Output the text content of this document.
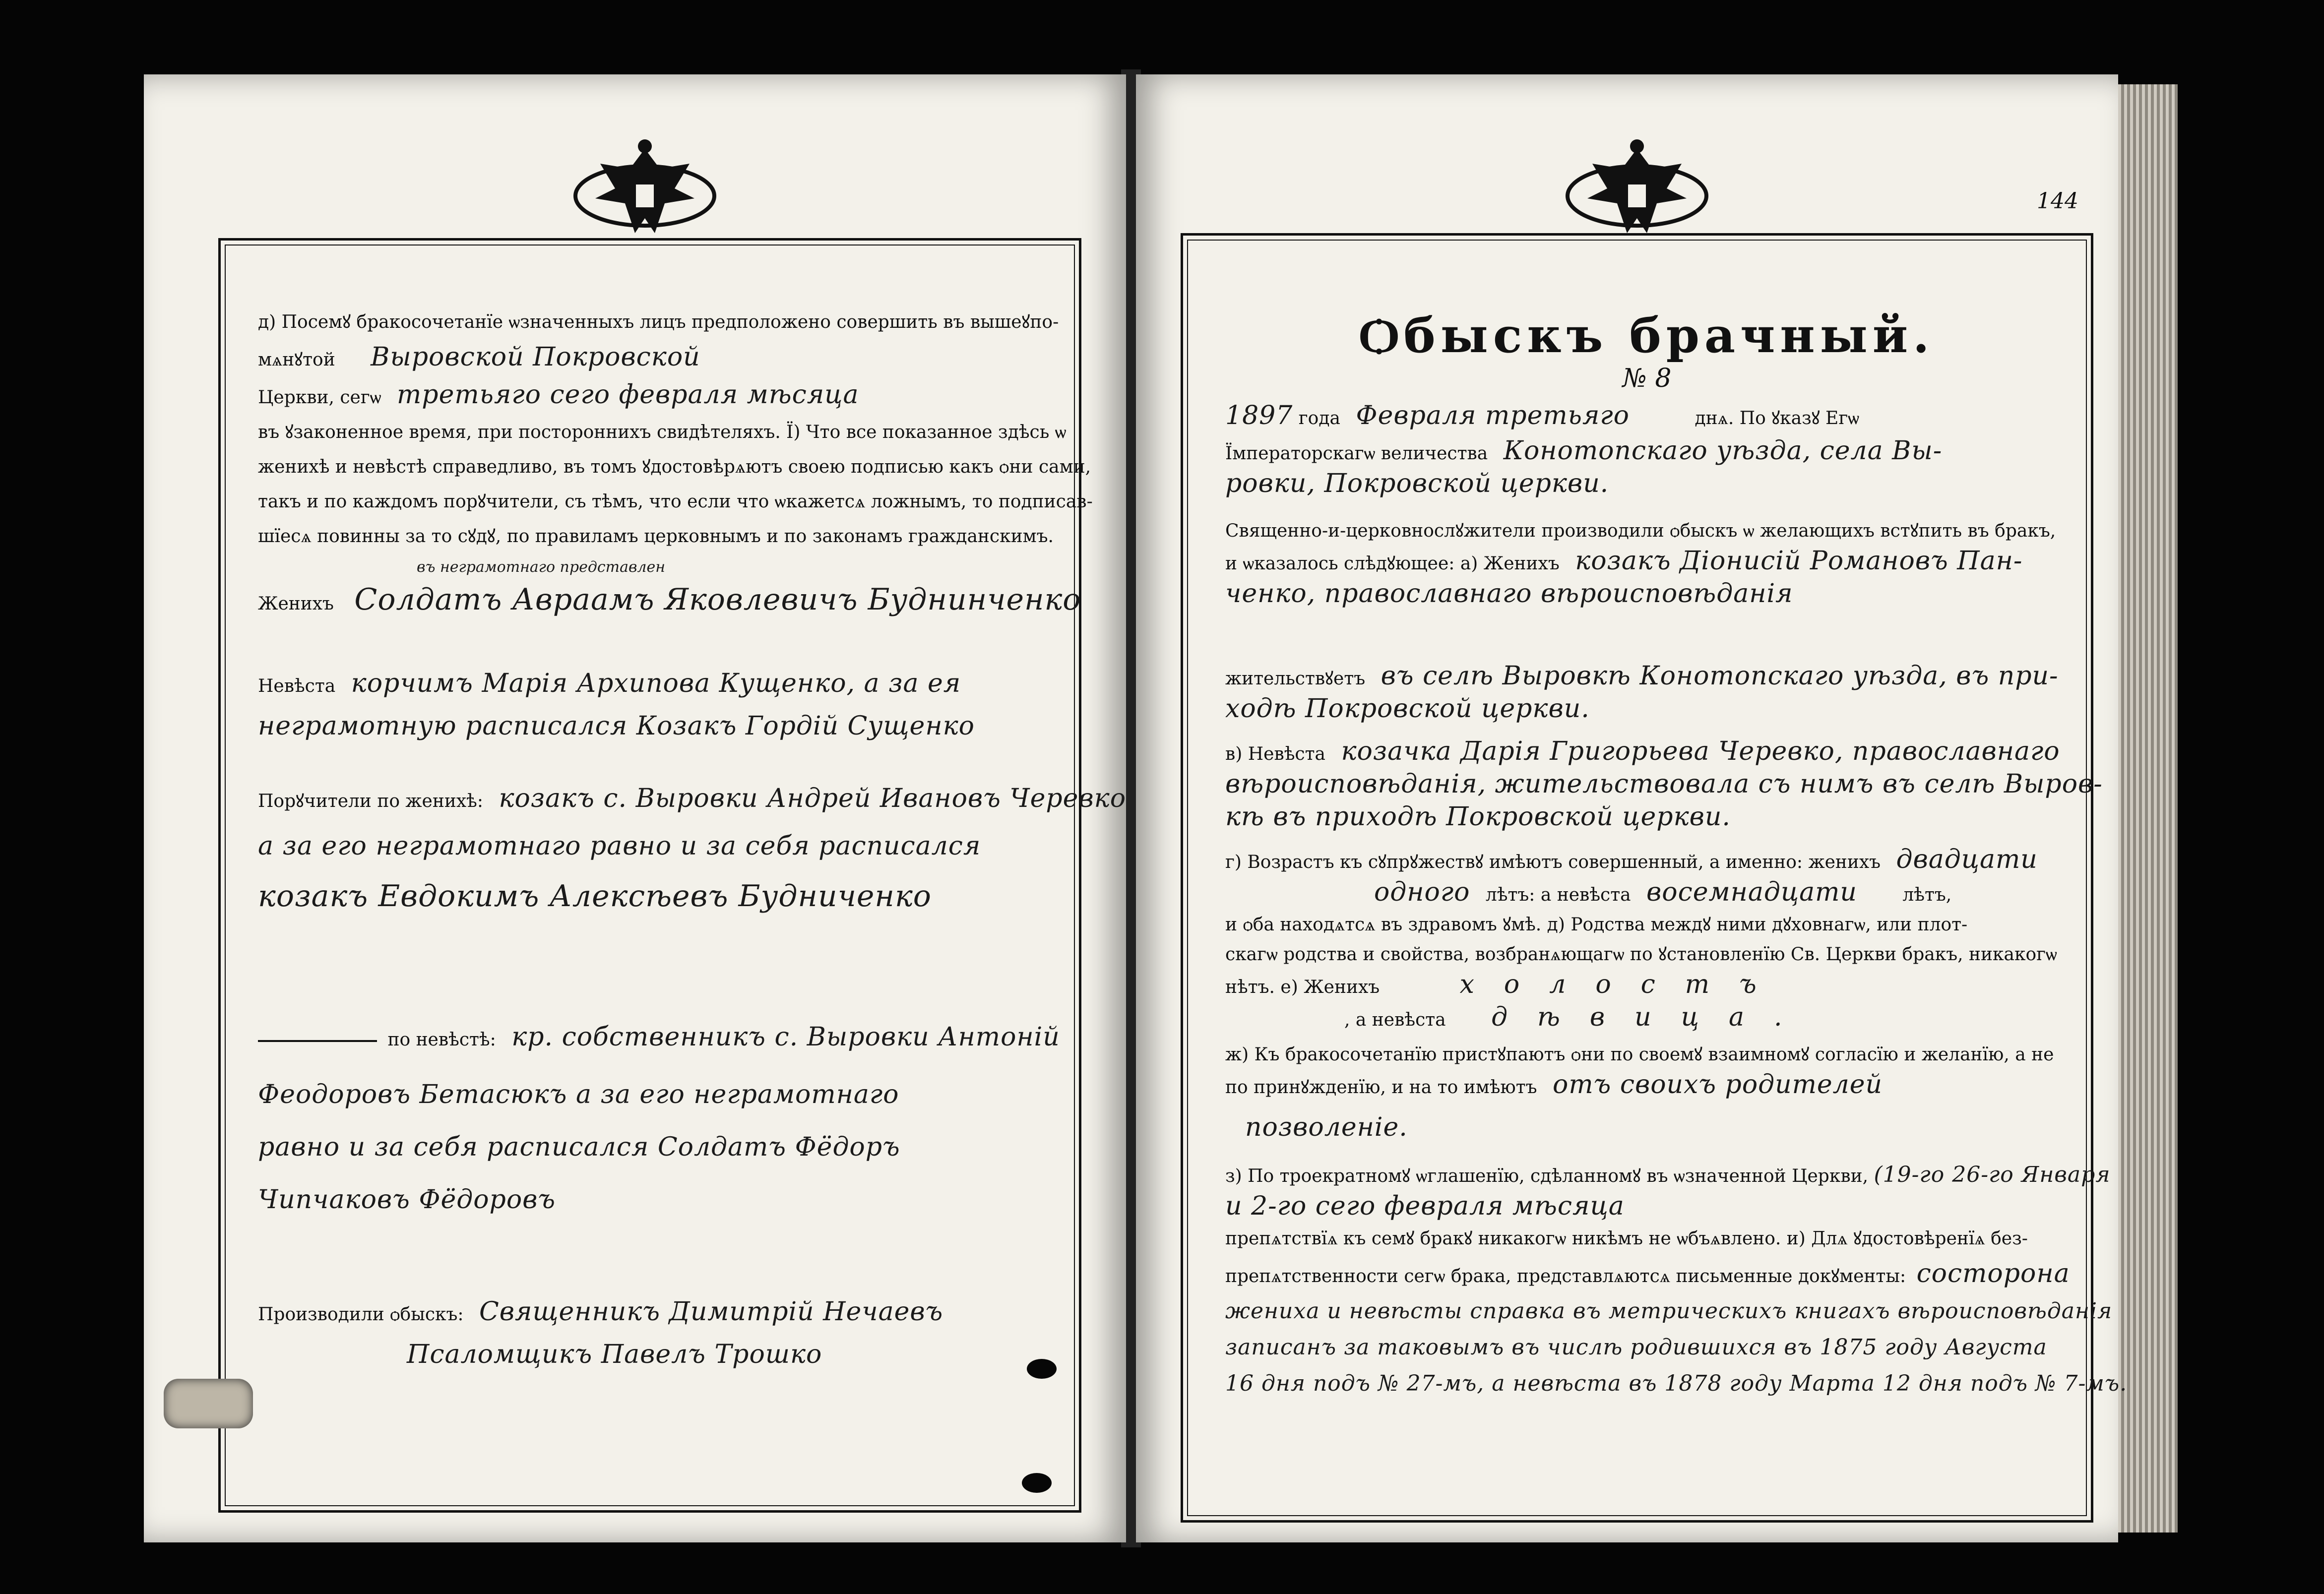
д) Посемꙋ бракосочетанїе ѡзначенныхъ лицъ предположено совершить въ вышеꙋпо-

мѧнꙋтой Выровской Покровской

Церкви, сегѡ третьяго сего февраля мѣсяца

въ ꙋзаконенное время, при постороннихъ свидѣтеляхъ. Ї) Что все показанное здѣсь ѡ

женихѣ и невѣстѣ справедливо, въ томъ ꙋдостовѣрѧютъ своею подписью какъ ѻни сами,

такъ и по каждомъ порꙋчители, съ тѣмъ, что если что ѡкажетсѧ ложнымъ, то подписав-

шїесѧ повинны за то сꙋдꙋ, по правиламъ церковнымъ и по законамъ гражданскимъ.

въ неграмотнаго представлен

Женихъ Солдатъ Авраамъ Яковлевичъ Буднинченко

Невѣста корчимъ Марія Архипова Кущенко, а за ея

неграмотную расписался Козакъ Гордій Сущенко

Порꙋчители по женихѣ: козакъ с. Выровки Андрей Ивановъ Черевко

а за его неграмотнаго равно и за себя расписался

козакъ Евдокимъ Алексѣевъ Будниченко

по невѣстѣ: кр. собственникъ с. Выровки Антоній

Феодоровъ Бетасюкъ а за его неграмотнаго

равно и за себя расписался Солдатъ Фёдоръ

Чипчаковъ Фёдоровъ

Производили ѻбыскъ: Священникъ Димитрій Нечаевъ

Псаломщикъ Павелъ Трошко

144

Ѻбыскъ брачный.

№ 8

1897 года Февраля третьяго	днѧ. По ꙋказꙋ Егѡ

Їмператорскагѡ величества Конотопскаго уѣзда, села Вы-

ровки, Покровской церкви.

Священно-и-церковнослꙋжители производили ѻбыскъ ѡ желающихъ встꙋпить въ бракъ,

и ѡказалось слѣдꙋющее: а) Женихъ козакъ Діонисій Романовъ Пан-

ченко, православнаго вѣроисповѣданія

жительствꙋетъ въ селѣ Выровкѣ Конотопскаго уѣзда, въ при-

ходѣ Покровской церкви.

в) Невѣста козачка Дарія Григорьева Черевко, православнаго

вѣроисповѣданія, жительствовала съ нимъ въ селѣ Выров-

кѣ въ приходѣ Покровской церкви.

г) Возрастъ къ сꙋпрꙋжествꙋ имѣютъ совершенный, а именно: женихъ двадцати

одного лѣтъ: а невѣста восемнадцати	лѣтъ,

и ѻба находѧтсѧ въ здравомъ ꙋмѣ. д) Родства междꙋ ними дꙋховнагѡ, или плот-

скагѡ родства и свойства, возбранѧющагѡ по ꙋстановленїю Св. Церкви бракъ, никакогѡ

нѣтъ. е) Женихъ	холостъ

, а невѣста дѣвица.

ж) Къ бракосочетанїю пристꙋпаютъ ѻни по своемꙋ взаимномꙋ согласїю и желанїю, а не

по принꙋжденїю, и на то имѣютъ отъ своихъ родителей

позволеніе.

з) По троекратномꙋ ѡглашенїю, сдѣланномꙋ въ ѡзначенной Церкви, (19-го 26-го Января

и 2-го сего февраля мѣсяца

препѧтствїѧ къ семꙋ бракꙋ никакогѡ никѣмъ не ѡбъѧвлено. и) Длѧ ꙋдостовѣренїѧ без-

препѧтственности сегѡ брака, представлѧютсѧ письменные докꙋменты: состорона

жениха и невѣсты справка въ метрическихъ книгахъ вѣроисповѣданія

записанъ за таковымъ въ числѣ родившихся въ 1875 году Августа

16 дня подъ № 27-мъ, а невѣста въ 1878 году Марта 12 дня подъ № 7-мъ.
